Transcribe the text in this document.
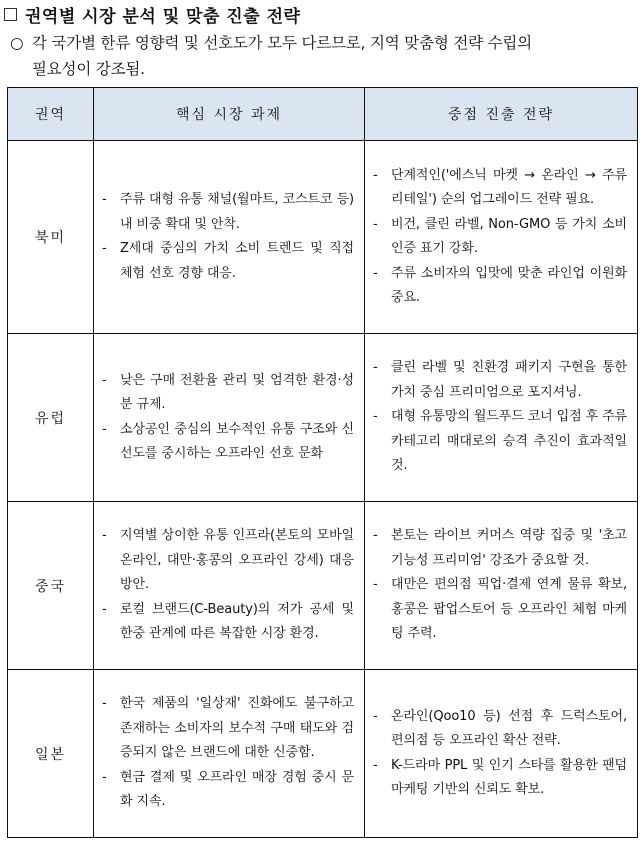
권역별 시장 분석 및 맞춤 진출 전략
○ 각 국가별 한류 영향력 및 선호도가 모두 다르므로, 지역 맞춤형 전략 수립의
필요성이 강조됨.
권역	핵심 시장 과제	중점 진출 전략
북미	
-	주류 대형 유통 채널(월마트, 코스트코 등) 내 비중 확대 및 안착.
-	Z세대 중심의 가치 소비 트렌드 및 직접 체험 선호 경향 대응.

-	단계적인('에스닉 마켓 → 온라인 → 주류 리테일') 순의 업그레이드 전략 필요.
-	비건, 클린 라벨, Non-GMO 등 가치 소비 인증 표기 강화.
-	주류 소비자의 입맛에 맞춘 라인업 이원화 중요.

유럽	
-	낮은 구매 전환율 관리 및 엄격한 환경·성분 규제.
-	소상공인 중심의 보수적인 유통 구조와 신선도를 중시하는 오프라인 선호 문화

-	클린 라벨 및 친환경 패키지 구현을 통한 가치 중심 프리미엄으로 포지셔닝.
-	대형 유통망의 월드푸드 코너 입점 후 주류 카테고리 매대로의 승격 추진이 효과적일 것.

중국	
-	지역별 상이한 유통 인프라(본토의 모바일 온라인, 대만·홍콩의 오프라인 강세) 대응 방안.
-	로컬 브랜드(C-Beauty)의 저가 공세 및 한중 관계에 따른 복잡한 시장 환경.

-	본토는 라이브 커머스 역량 집중 및 '초고기능성 프리미엄' 강조가 중요할 것.
-	대만은 편의점 픽업·결제 연계 물류 확보, 홍콩은 팝업스토어 등 오프라인 체험 마케팅 주력.

일본	
-	한국 제품의 '일상재' 진화에도 불구하고 존재하는 소비자의 보수적 구매 태도와 검증되지 않은 브랜드에 대한 신중함.
-	현금 결제 및 오프라인 매장 경험 중시 문화 지속.

-	온라인(Qoo10 등) 선점 후 드럭스토어, 편의점 등 오프라인 확산 전략.
-	K-드라마 PPL 및 인기 스타를 활용한 팬덤 마케팅 기반의 신뢰도 확보.
